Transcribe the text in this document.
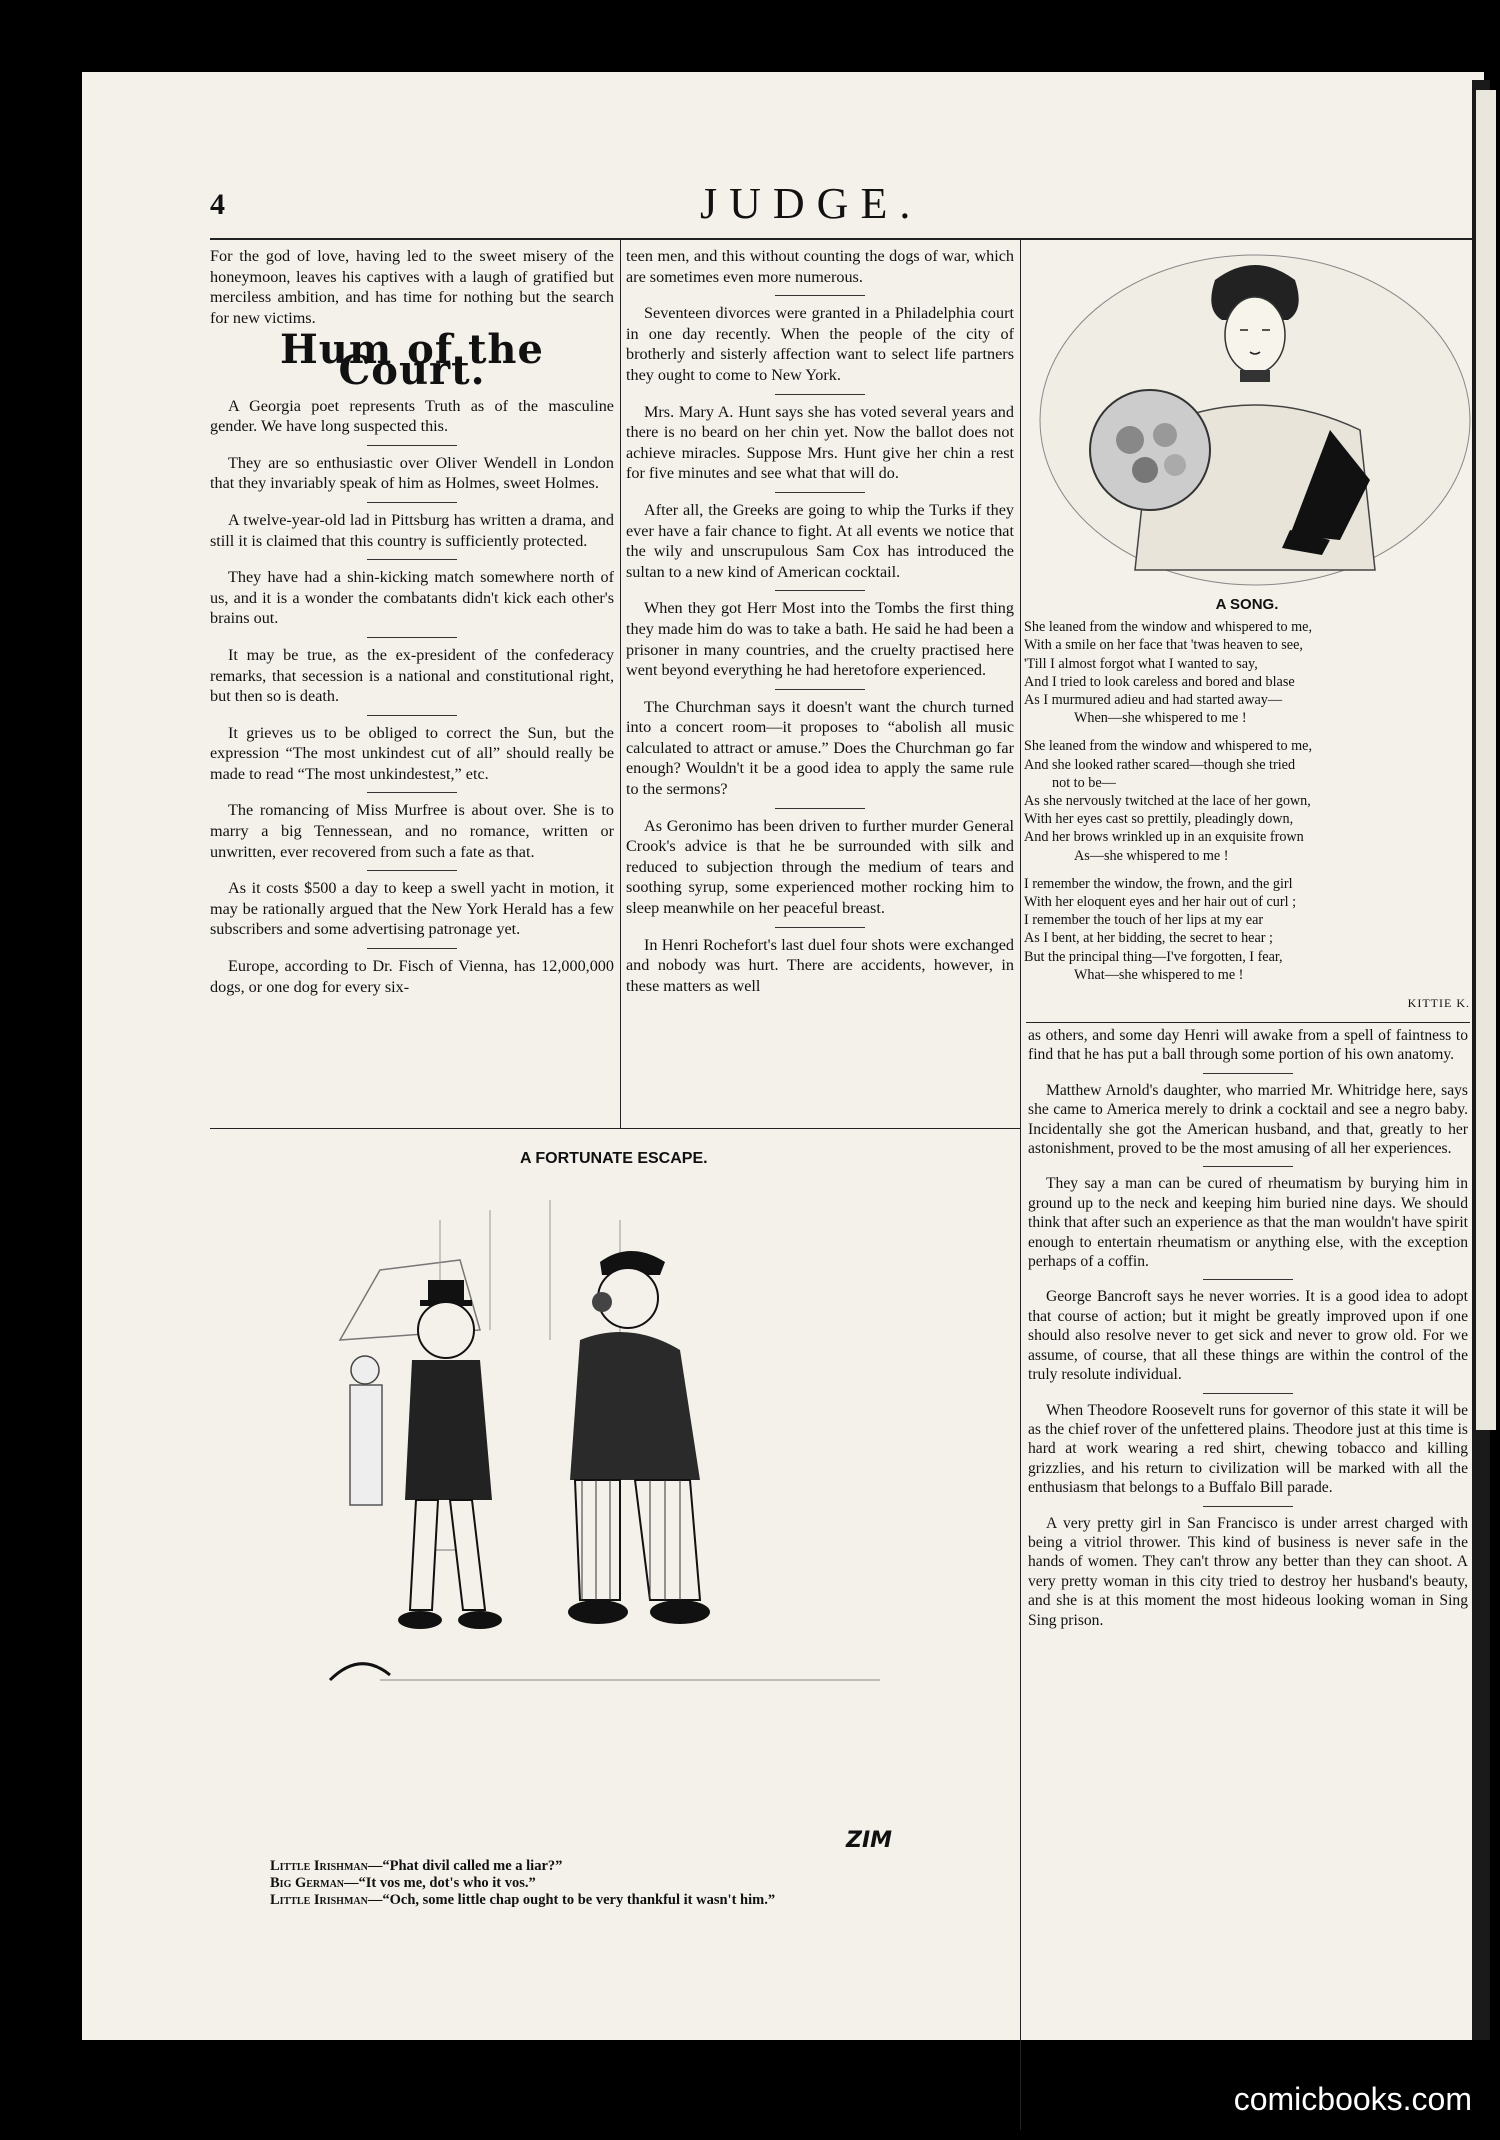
4	JUDGE.

For the god of love, having led to the sweet misery of the honeymoon, leaves his captives with a laugh of gratified but merciless ambition, and has time for nothing but the search for new victims.

Hum of the Court.

A Georgia poet represents Truth as of the masculine gender. We have long suspected this.

They are so enthusiastic over Oliver Wendell in London that they invariably speak of him as Holmes, sweet Holmes.

A twelve-year-old lad in Pittsburg has written a drama, and still it is claimed that this country is sufficiently protected.

They have had a shin-kicking match somewhere north of us, and it is a wonder the combatants didn't kick each other's brains out.

It may be true, as the ex-president of the confederacy remarks, that secession is a national and constitutional right, but then so is death.

It grieves us to be obliged to correct the Sun, but the expression “The most unkindest cut of all” should really be made to read “The most unkindestest,” etc.

The romancing of Miss Murfree is about over. She is to marry a big Tennessean, and no romance, written or unwritten, ever recovered from such a fate as that.

As it costs $500 a day to keep a swell yacht in motion, it may be rationally argued that the New York Herald has a few subscribers and some advertising patronage yet.

Europe, according to Dr. Fisch of Vienna, has 12,000,000 dogs, or one dog for every six-

teen men, and this without counting the dogs of war, which are sometimes even more numerous.

Seventeen divorces were granted in a Philadelphia court in one day recently. When the people of the city of brotherly and sisterly affection want to select life partners they ought to come to New York.

Mrs. Mary A. Hunt says she has voted several years and there is no beard on her chin yet. Now the ballot does not achieve miracles. Suppose Mrs. Hunt give her chin a rest for five minutes and see what that will do.

After all, the Greeks are going to whip the Turks if they ever have a fair chance to fight. At all events we notice that the wily and unscrupulous Sam Cox has introduced the sultan to a new kind of American cocktail.

When they got Herr Most into the Tombs the first thing they made him do was to take a bath. He said he had been a prisoner in many countries, and the cruelty practised here went beyond everything he had heretofore experienced.

The Churchman says it doesn't want the church turned into a concert room—it proposes to “abolish all music calculated to attract or amuse.” Does the Churchman go far enough? Wouldn't it be a good idea to apply the same rule to the sermons?

As Geronimo has been driven to further murder General Crook's advice is that he be surrounded with silk and reduced to subjection through the medium of tears and soothing syrup, some experienced mother rocking him to sleep meanwhile on her peaceful breast.

In Henri Rochefort's last duel four shots were exchanged and nobody was hurt. There are accidents, however, in these matters as well

A SONG.
She leaned from the window and whispered to me,
With a smile on her face that 'twas heaven to see,
'Till I almost forgot what I wanted to say,
And I tried to look careless and bored and blase
As I murmured adieu and had started away—
When—she whispered to me !
She leaned from the window and whispered to me,
And she looked rather scared—though she tried
not to be—
As she nervously twitched at the lace of her gown,
With her eyes cast so prettily, pleadingly down,
And her brows wrinkled up in an exquisite frown
As—she whispered to me !
I remember the window, the frown, and the girl
With her eloquent eyes and her hair out of curl ;
I remember the touch of her lips at my ear
As I bent, at her bidding, the secret to hear ;
But the principal thing—I've forgotten, I fear,
What—she whispered to me !
KITTIE K.

as others, and some day Henri will awake from a spell of faintness to find that he has put a ball through some portion of his own anatomy.

Matthew Arnold's daughter, who married Mr. Whitridge here, says she came to America merely to drink a cocktail and see a negro baby. Incidentally she got the American husband, and that, greatly to her astonishment, proved to be the most amusing of all her experiences.

They say a man can be cured of rheumatism by burying him in ground up to the neck and keeping him buried nine days. We should think that after such an experience as that the man wouldn't have spirit enough to entertain rheumatism or anything else, with the exception perhaps of a coffin.

George Bancroft says he never worries. It is a good idea to adopt that course of action; but it might be greatly improved upon if one should also resolve never to get sick and never to grow old. For we assume, of course, that all these things are within the control of the truly resolute individual.

When Theodore Roosevelt runs for governor of this state it will be as the chief rover of the unfettered plains. Theodore just at this time is hard at work wearing a red shirt, chewing tobacco and killing grizzlies, and his return to civilization will be marked with all the enthusiasm that belongs to a Buffalo Bill parade.

A very pretty girl in San Francisco is under arrest charged with being a vitriol thrower. This kind of business is never safe in the hands of women. They can't throw any better than they can shoot. A very pretty woman in this city tried to destroy her husband's beauty, and she is at this moment the most hideous looking woman in Sing Sing prison.

A FORTUNATE ESCAPE.
Little Irishman—“Phat divil called me a liar?”
Big German—“It vos me, dot's who it vos.”
Little Irishman—“Och, some little chap ought to be very thankful it wasn't him.”
ZIM
comicbooks.com
